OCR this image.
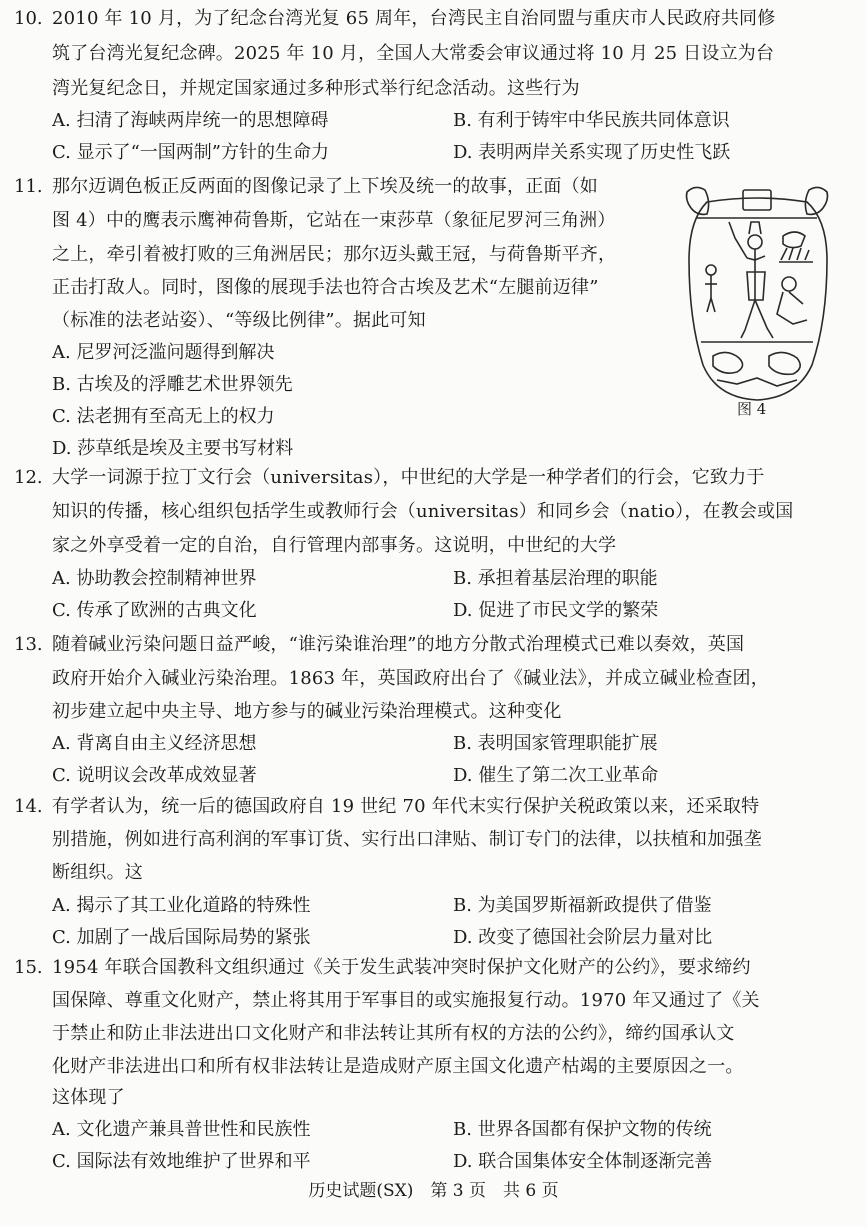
10. 2010 年 10 月，为了纪念台湾光复 65 周年，台湾民主自治同盟与重庆市人民政府共同修
筑了台湾光复纪念碑。2025 年 10 月，全国人大常委会审议通过将 10 月 25 日设立为台
湾光复纪念日，并规定国家通过多种形式举行纪念活动。这些行为
A. 扫清了海峡两岸统一的思想障碍	B. 有利于铸牢中华民族共同体意识
C. 显示了“一国两制”方针的生命力	D. 表明两岸关系实现了历史性飞跃
11. 那尔迈调色板正反两面的图像记录了上下埃及统一的故事，正面（如
图 4）中的鹰表示鹰神荷鲁斯，它站在一束莎草（象征尼罗河三角洲）
之上，牵引着被打败的三角洲居民；那尔迈头戴王冠，与荷鲁斯平齐，
正击打敌人。同时，图像的展现手法也符合古埃及艺术“左腿前迈律”
（标准的法老站姿）、“等级比例律”。据此可知
A. 尼罗河泛滥问题得到解决
B. 古埃及的浮雕艺术世界领先
C. 法老拥有至高无上的权力
D. 莎草纸是埃及主要书写材料
图 4
12. 大学一词源于拉丁文行会（universitas），中世纪的大学是一种学者们的行会，它致力于
知识的传播，核心组织包括学生或教师行会（universitas）和同乡会（natio），在教会或国
家之外享受着一定的自治，自行管理内部事务。这说明，中世纪的大学
A. 协助教会控制精神世界	B. 承担着基层治理的职能
C. 传承了欧洲的古典文化	D. 促进了市民文学的繁荣
13. 随着碱业污染问题日益严峻，“谁污染谁治理”的地方分散式治理模式已难以奏效，英国
政府开始介入碱业污染治理。1863 年，英国政府出台了《碱业法》，并成立碱业检查团，
初步建立起中央主导、地方参与的碱业污染治理模式。这种变化
A. 背离自由主义经济思想	B. 表明国家管理职能扩展
C. 说明议会改革成效显著	D. 催生了第二次工业革命
14. 有学者认为，统一后的德国政府自 19 世纪 70 年代末实行保护关税政策以来，还采取特
别措施，例如进行高利润的军事订货、实行出口津贴、制订专门的法律，以扶植和加强垄
断组织。这
A. 揭示了其工业化道路的特殊性	B. 为美国罗斯福新政提供了借鉴
C. 加剧了一战后国际局势的紧张	D. 改变了德国社会阶层力量对比
15. 1954 年联合国教科文组织通过《关于发生武装冲突时保护文化财产的公约》，要求缔约
国保障、尊重文化财产，禁止将其用于军事目的或实施报复行动。1970 年又通过了《关
于禁止和防止非法进出口文化财产和非法转让其所有权的方法的公约》，缔约国承认文
化财产非法进出口和所有权非法转让是造成财产原主国文化遗产枯竭的主要原因之一。
这体现了
A. 文化遗产兼具普世性和民族性	B. 世界各国都有保护文物的传统
C. 国际法有效地维护了世界和平	D. 联合国集体安全体制逐渐完善
历史试题(SX)　第 3 页　共 6 页
